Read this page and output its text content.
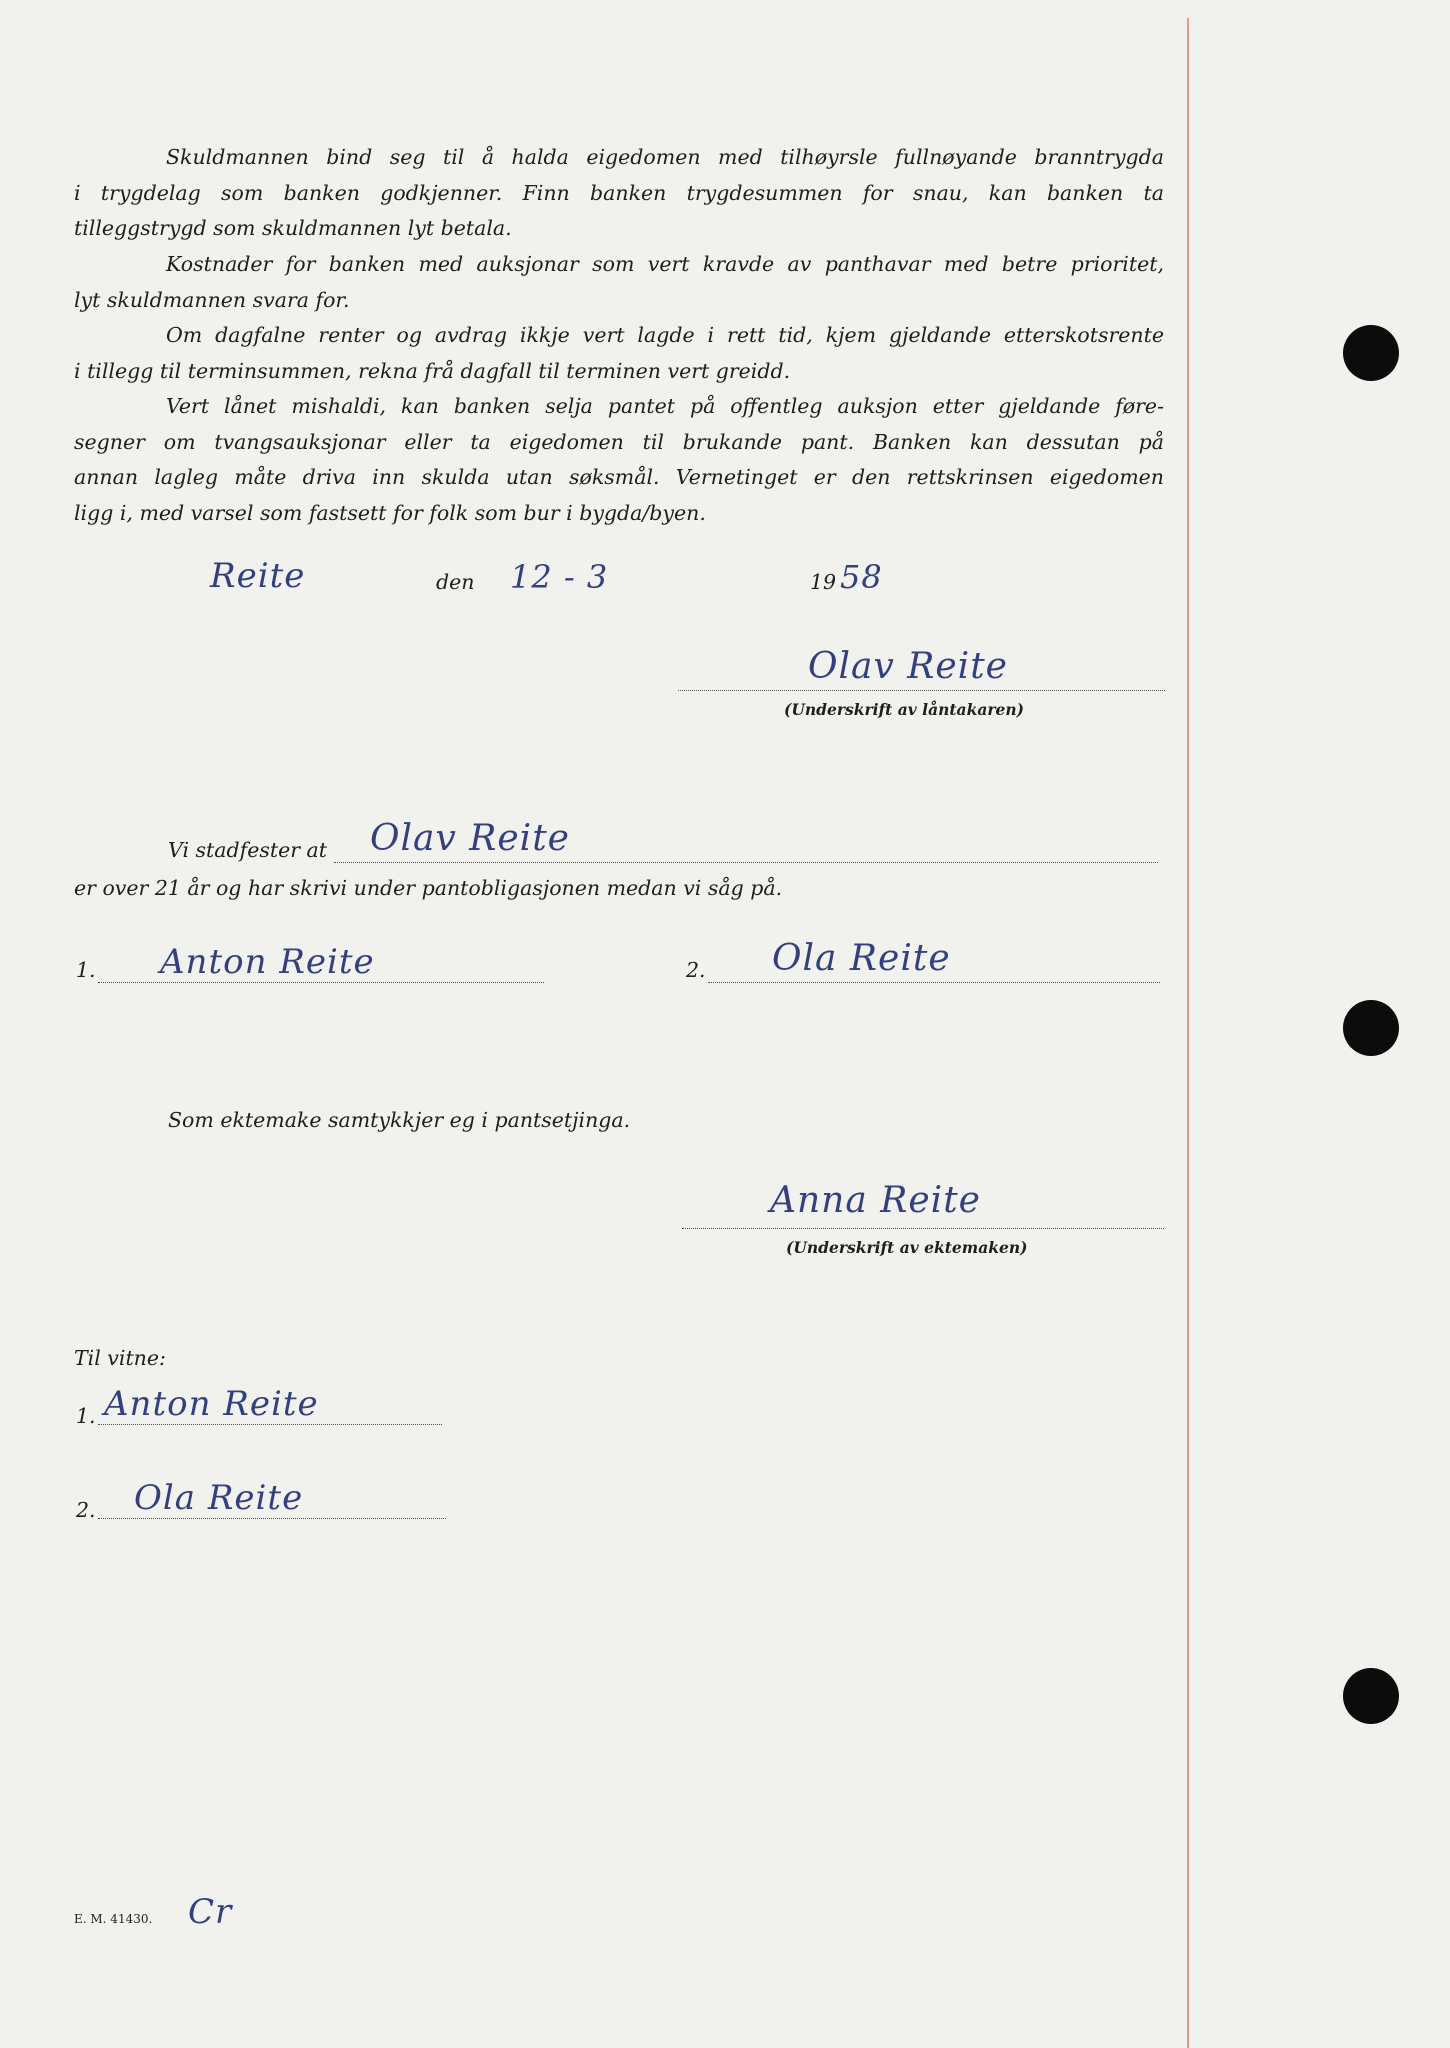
Skuldmannen bind seg til å halda eigedomen med tilhøyrsle fullnøyande branntrygda
i trygdelag som banken godkjenner. Finn banken trygdesummen for snau, kan banken ta
tilleggstrygd som skuldmannen lyt betala.
Kostnader for banken med auksjonar som vert kravde av panthavar med betre prioritet,
lyt skuldmannen svara for.
Om dagfalne renter og avdrag ikkje vert lagde i rett tid, kjem gjeldande etterskotsrente
i tillegg til terminsummen, rekna frå dagfall til terminen vert greidd.
Vert lånet mishaldi, kan banken selja pantet på offentleg auksjon etter gjeldande føre-
segner om tvangsauksjonar eller ta eigedomen til brukande pant. Banken kan dessutan på
annan lagleg måte driva inn skulda utan søksmål. Vernetinget er den rettskrinsen eigedomen
ligg i, med varsel som fastsett for folk som bur i bygda/byen.
Reite	den 12 - 3	19 58
Olav Reite
(Underskrift av låntakaren)
Vi stadfester at Olav Reite
er over 21 år og har skrivi under pantobligasjonen medan vi såg på.
1. Anton Reite	2. Ola Reite
Som ektemake samtykkjer eg i pantsetjinga.
Anna Reite
(Underskrift av ektemaken)
Til vitne:
1. Anton Reite
2. Ola Reite
E. M. 41430. Cr
